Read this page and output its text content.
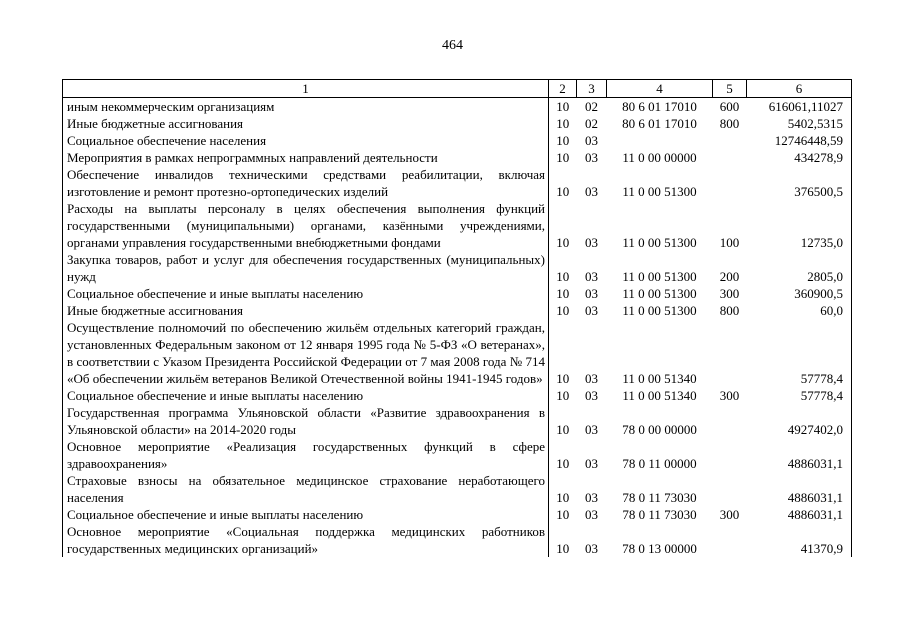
464
1	2	3	4	5	6
иным некоммерческим организациям	10	02	80 6 01 17010	600	616061,11027
Иные бюджетные ассигнования	10	02	80 6 01 17010	800	5402,5315
Социальное обеспечение населения	10	03			12746448,59
Мероприятия в рамках непрограммных направлений деятельности	10	03	11 0 00 00000		434278,9
Обеспечение инвалидов техническими средствами реабилитации, включая изготовление и ремонт протезно-ортопедических изделий	10	03	11 0 00 51300		376500,5
Расходы на выплаты персоналу в целях обеспечения выполнения функций государственными (муниципальными) органами, казёнными учреждениями, органами управления государственными внебюджетными фондами	10	03	11 0 00 51300	100	12735,0
Закупка товаров, работ и услуг для обеспечения государственных (муниципальных) нужд	10	03	11 0 00 51300	200	2805,0
Социальное обеспечение и иные выплаты населению	10	03	11 0 00 51300	300	360900,5
Иные бюджетные ассигнования	10	03	11 0 00 51300	800	60,0
Осуществление полномочий по обеспечению жильём отдельных категорий граждан, установленных Федеральным законом от 12 января 1995 года № 5-ФЗ «О ветеранах», в соответствии с Указом Президента Российской Федерации от 7 мая 2008 года № 714 «Об обеспечении жильём ветеранов Великой Отечественной войны 1941-1945 годов»	10	03	11 0 00 51340		57778,4
Социальное обеспечение и иные выплаты населению	10	03	11 0 00 51340	300	57778,4
Государственная программа Ульяновской области «Развитие здравоохранения в Ульяновской области» на 2014-2020 годы	10	03	78 0 00 00000		4927402,0
Основное мероприятие «Реализация государственных функций в сфере здравоохранения»	10	03	78 0 11 00000		4886031,1
Страховые взносы на обязательное медицинское страхование неработающего населения	10	03	78 0 11 73030		4886031,1
Социальное обеспечение и иные выплаты населению	10	03	78 0 11 73030	300	4886031,1
Основное мероприятие «Социальная поддержка медицинских работников государственных медицинских организаций»	10	03	78 0 13 00000		41370,9
